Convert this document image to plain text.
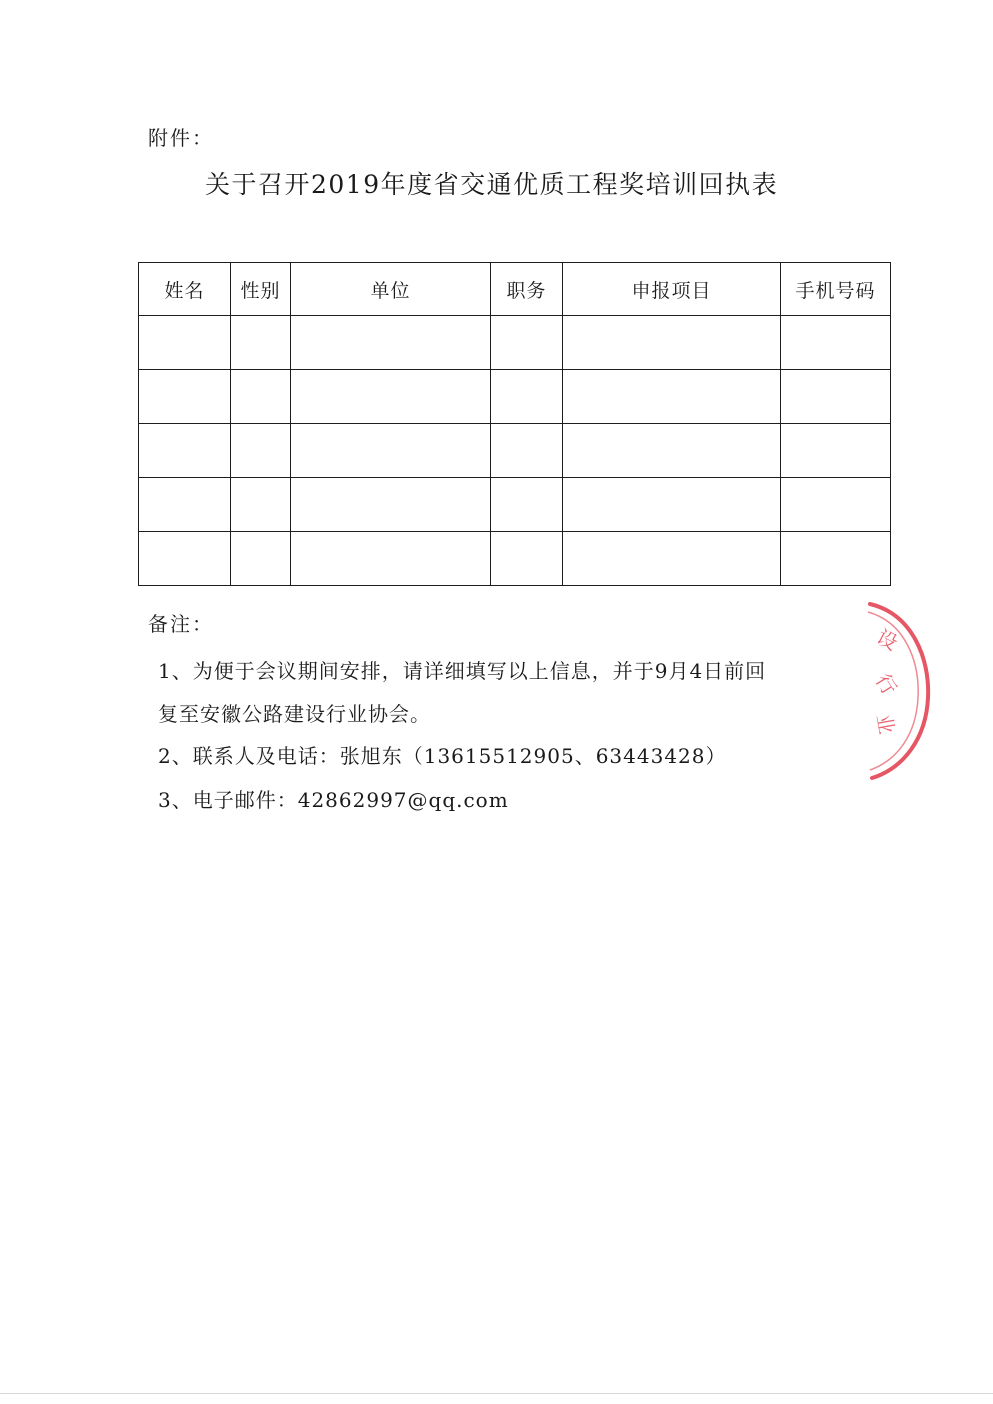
附件：
关于召开2019年度省交通优质工程奖培训回执表
姓名	性别	单位	职务	申报项目	手机号码

备注：
1、为便于会议期间安排，请详细填写以上信息，并于9月4日前回
复至安徽公路建设行业协会。
2、联系人及电话：张旭东（13615512905、63443428）
3、电子邮件：42862997@qq.com
设
行
业
